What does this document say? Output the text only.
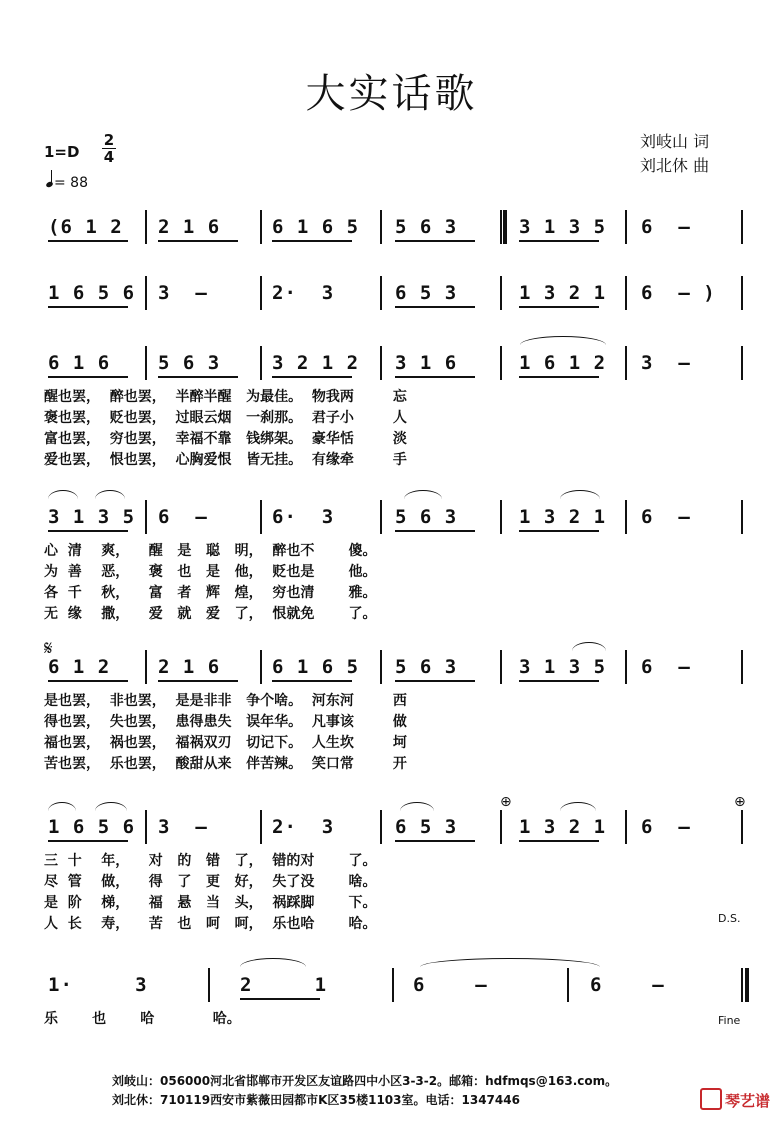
大实话歌
1=D
2
4
= 88
刘岐山 词
刘北休 曲
(6 1 2 2 1 6	6 1 6 5 5 6 3	3 1 3 5 6  –
1 6 5 6 3  –	2·  3	6 5 3	1 3 2 1 6  – )
6 1 6	5 6 3	3 2 1 2 3 1 6	1 6 1 2 3  –
醒也罢，  醉也罢，  半醉半醒   为最佳。  物我两        忘
褒也罢，  贬也罢，  过眼云烟   一刹那。  君子小        人
富也罢，  穷也罢，  幸福不靠   钱绑架。  豪华恬        淡
爱也罢，  恨也罢，  心胸爱恨   皆无挂。  有缘牵        手
3 1 3 5 6  –	6·  3	5 6 3	1 3 2 1 6  –
心  清    爽，    醒   是   聪   明，  醉也不       傻。
为  善    恶，    褒   也   是   他，  贬也是       他。
各  千    秋，    富   者   辉   煌，  穷也清       雅。
无  缘    撒，    爱   就   爱   了，  恨就免       了。
6 1 2	2 1 6	6 1 6 5 5 6 3	3 1 3 5 6  –
是也罢，  非也罢，  是是非非   争个啥。  河东河        西
得也罢，  失也罢，  患得患失   误年华。  凡事该        做
福也罢，  祸也罢，  福祸双刃   切记下。  人生坎        坷
苦也罢，  乐也罢，  酸甜从来   伴苦辣。  笑口常        开
1 6 5 6 3  –	2·  3	6 5 3	1 3 2 1 6  –
三  十    年，    对   的   错   了，  错的对       了。
尽  管    做，    得   了   更   好，  失了没       啥。
是  阶    梯，    福   悬   当   头，  祸踩脚       下。
人  长    寿，    苦   也   呵   呵，  乐也哈       哈。
1·     3	2     1	6    –	6    –
乐       也       哈            哈。
D.S.
Fine
𝄋
⊕	⊕
刘岐山：056000河北省邯郸市开发区友谊路四中小区3-3-2。邮箱：hdfmqs@163.com。
刘北休：710119西安市紫薇田园都市K区35楼1103室。电话：1347446	琴艺谱
